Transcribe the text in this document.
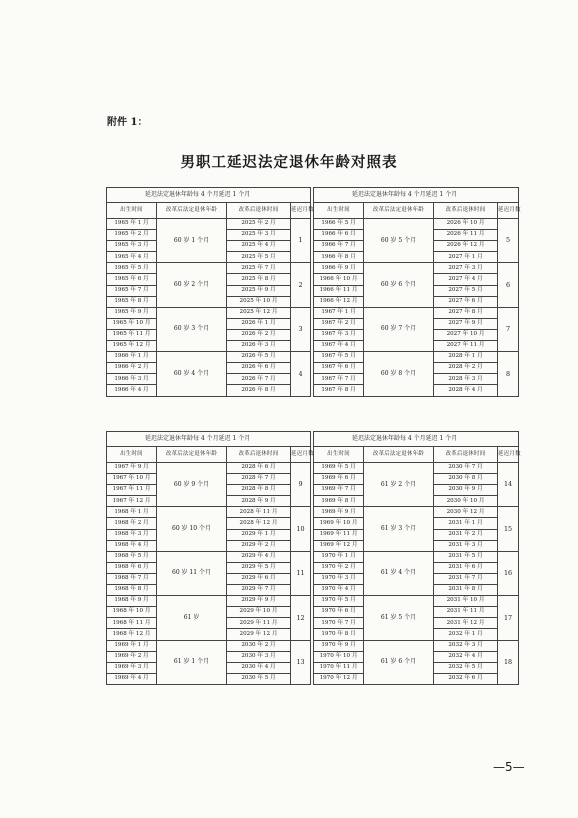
附件 1：
男职工延迟法定退休年龄对照表
延迟法定退休年龄每 4 个月延迟 1 个月					延迟法定退休年龄每 4 个月延迟 1 个月			
出生时间	改革后法定退休年龄	改革后退休时间	延迟月数		出生时间	改革后法定退休年龄	改革后退休时间	延迟月数
1965 年 1 月	60 岁 1 个月	2025 年 2 月	1		1966 年 5 月	60 岁 5 个月	2026 年 10 月	5
1965 年 2 月		2025 年 3 月			1966 年 6 月		2026 年 11 月	
1965 年 3 月		2025 年 4 月			1966 年 7 月		2026 年 12 月	
1965 年 4 月		2025 年 5 月			1966 年 8 月		2027 年 1 月	
1965 年 5 月	60 岁 2 个月	2025 年 7 月	2		1966 年 9 月	60 岁 6 个月	2027 年 3 月	6
1965 年 6 月		2025 年 8 月			1966 年 10 月		2027 年 4 月	
1965 年 7 月		2025 年 9 月			1966 年 11 月		2027 年 5 月	
1965 年 8 月		2025 年 10 月			1966 年 12 月		2027 年 6 月	
1965 年 9 月	60 岁 3 个月	2025 年 12 月	3		1967 年 1 月	60 岁 7 个月	2027 年 8 月	7
1965 年 10 月		2026 年 1 月			1967 年 2 月		2027 年 9 月	
1965 年 11 月		2026 年 2 月			1967 年 3 月		2027 年 10 月	
1965 年 12 月		2026 年 3 月			1967 年 4 月		2027 年 11 月	
1966 年 1 月	60 岁 4 个月	2026 年 5 月	4		1967 年 5 月	60 岁 8 个月	2028 年 1 月	8
1966 年 2 月		2026 年 6 月			1967 年 6 月		2028 年 2 月	
1966 年 3 月		2026 年 7 月			1967 年 7 月		2028 年 3 月	
1966 年 4 月		2026 年 8 月			1967 年 8 月		2028 年 4 月	
延迟法定退休年龄每 4 个月延迟 1 个月					延迟法定退休年龄每 4 个月延迟 1 个月			
出生时间	改革后法定退休年龄	改革后退休时间	延迟月数		出生时间	改革后法定退休年龄	改革后退休时间	延迟月数
1967 年 9 月	60 岁 9 个月	2028 年 6 月	9		1969 年 5 月	61 岁 2 个月	2030 年 7 月	14
1967 年 10 月		2028 年 7 月			1969 年 6 月		2030 年 8 月	
1967 年 11 月		2028 年 8 月			1969 年 7 月		2030 年 9 月	
1967 年 12 月		2028 年 9 月			1969 年 8 月		2030 年 10 月	
1968 年 1 月	60 岁 10 个月	2028 年 11 月	10		1969 年 9 月	61 岁 3 个月	2030 年 12 月	15
1968 年 2 月		2028 年 12 月			1969 年 10 月		2031 年 1 月	
1968 年 3 月		2029 年 1 月			1969 年 11 月		2031 年 2 月	
1968 年 4 月		2029 年 2 月			1969 年 12 月		2031 年 3 月	
1968 年 5 月	60 岁 11 个月	2029 年 4 月	11		1970 年 1 月	61 岁 4 个月	2031 年 5 月	16
1968 年 6 月		2029 年 5 月			1970 年 2 月		2031 年 6 月	
1968 年 7 月		2029 年 6 月			1970 年 3 月		2031 年 7 月	
1968 年 8 月		2029 年 7 月			1970 年 4 月		2031 年 8 月	
1968 年 9 月	61 岁	2029 年 9 月	12		1970 年 5 月	61 岁 5 个月	2031 年 10 月	17
1968 年 10 月		2029 年 10 月			1970 年 6 月		2031 年 11 月	
1968 年 11 月		2029 年 11 月			1970 年 7 月		2031 年 12 月	
1968 年 12 月		2029 年 12 月			1970 年 8 月		2032 年 1 月	
1969 年 1 月	61 岁 1 个月	2030 年 2 月	13		1970 年 9 月	61 岁 6 个月	2032 年 3 月	18
1969 年 2 月		2030 年 3 月			1970 年 10 月		2032 年 4 月	
1969 年 3 月		2030 年 4 月			1970 年 11 月		2032 年 5 月	
1969 年 4 月		2030 年 5 月			1970 年 12 月		2032 年 6 月	
—5—
